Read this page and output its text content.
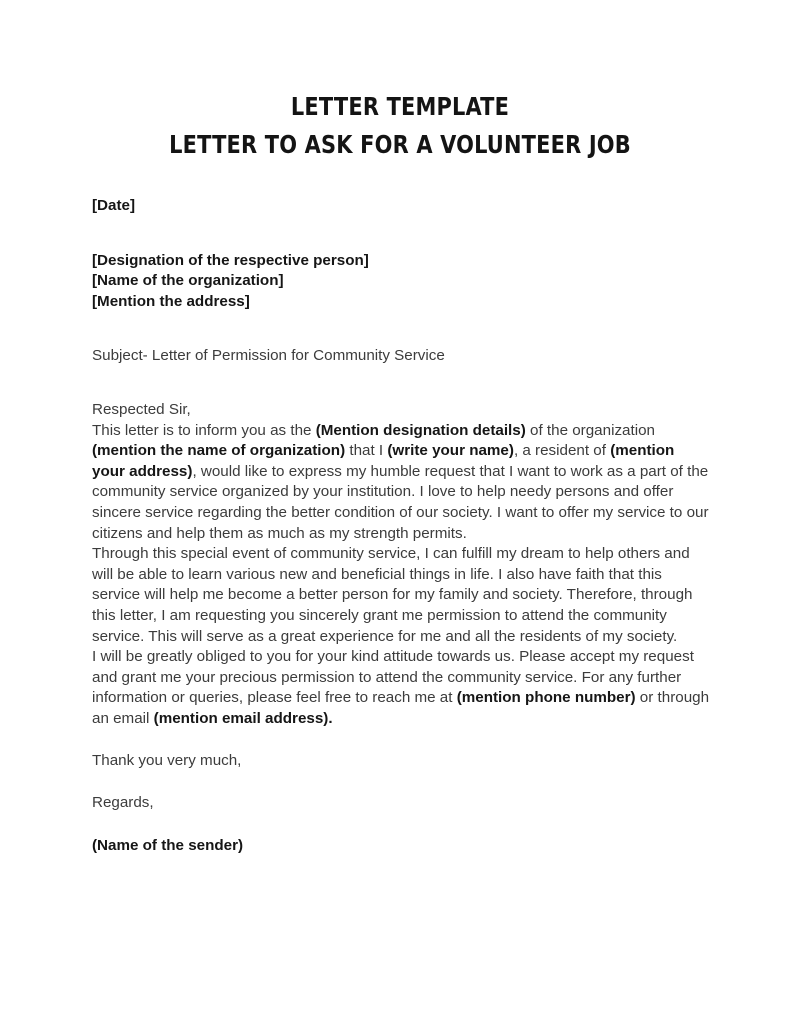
LETTER TEMPLATE
LETTER TO ASK FOR A VOLUNTEER JOB
[Date]
[Designation of the respective person]
[Name of the organization]
[Mention the address]
Subject- Letter of Permission for Community Service
Respected Sir,

This letter is to inform you as the (Mention designation details) of the organization (mention the name of organization) that I (write your name), a resident of (mention your address), would like to express my humble request that I want to work as a part of the community service organized by your institution. I love to help needy persons and offer sincere service regarding the better condition of our society. I want to offer my service to our citizens and help them as much as my strength permits.

Through this special event of community service, I can fulfill my dream to help others and will be able to learn various new and beneficial things in life. I also have faith that this service will help me become a better person for my family and society. Therefore, through this letter, I am requesting you sincerely grant me permission to attend the community service. This will serve as a great experience for me and all the residents of my society.

I will be greatly obliged to you for your kind attitude towards us. Please accept my request and grant me your precious permission to attend the community service. For any further information or queries, please feel free to reach me at (mention phone number) or through an email (mention email address).

Thank you very much,
Regards,
(Name of the sender)
